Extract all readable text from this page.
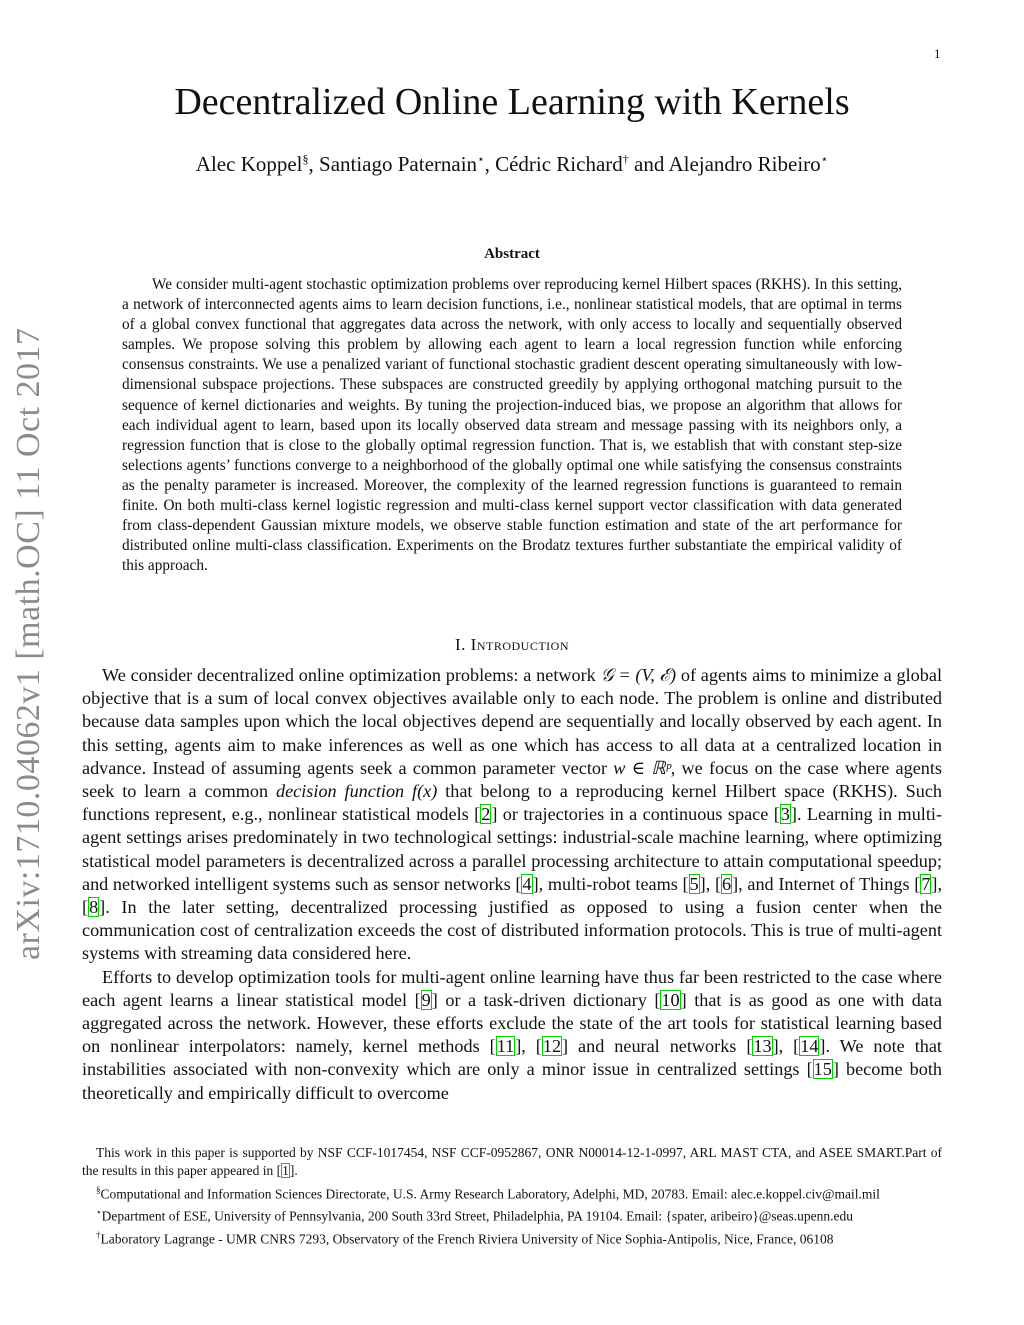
1
arXiv:1710.04062v1 [math.OC] 11 Oct 2017
Decentralized Online Learning with Kernels
Alec Koppel§, Santiago Paternain⋆, Cédric Richard† and Alejandro Ribeiro⋆
Abstract

We consider multi-agent stochastic optimization problems over reproducing kernel Hilbert spaces (RKHS). In this setting, a network of interconnected agents aims to learn decision functions, i.e., nonlinear statistical models, that are optimal in terms of a global convex functional that aggregates data across the network, with only access to locally and sequentially observed samples. We propose solving this problem by allowing each agent to learn a local regression function while enforcing consensus constraints. We use a penalized variant of functional stochastic gradient descent operating simultaneously with low-dimensional subspace projections. These subspaces are constructed greedily by applying orthogonal matching pursuit to the sequence of kernel dictionaries and weights. By tuning the projection-induced bias, we propose an algorithm that allows for each individual agent to learn, based upon its locally observed data stream and message passing with its neighbors only, a regression function that is close to the globally optimal regression function. That is, we establish that with constant step-size selections agents’ functions converge to a neighborhood of the globally optimal one while satisfying the consensus constraints as the penalty parameter is increased. Moreover, the complexity of the learned regression functions is guaranteed to remain finite. On both multi-class kernel logistic regression and multi-class kernel support vector classification with data generated from class-dependent Gaussian mixture models, we observe stable function estimation and state of the art performance for distributed online multi-class classification. Experiments on the Brodatz textures further substantiate the empirical validity of this approach.

I. Introduction

We consider decentralized online optimization problems: a network 𝒢 = (V, ℰ) of agents aims to minimize a global objective that is a sum of local convex objectives available only to each node. The problem is online and distributed because data samples upon which the local objectives depend are sequentially and locally observed by each agent. In this setting, agents aim to make inferences as well as one which has access to all data at a centralized location in advance. Instead of assuming agents seek a common parameter vector w ∈ ℝᵖ, we focus on the case where agents seek to learn a common decision function f(x) that belong to a reproducing kernel Hilbert space (RKHS). Such functions represent, e.g., nonlinear statistical models [2] or trajectories in a continuous space [3]. Learning in multi-agent settings arises predominately in two technological settings: industrial-scale machine learning, where optimizing statistical model parameters is decentralized across a parallel processing architecture to attain computational speedup; and networked intelligent systems such as sensor networks [4], multi-robot teams [5], [6], and Internet of Things [7], [8]. In the later setting, decentralized processing justified as opposed to using a fusion center when the communication cost of centralization exceeds the cost of distributed information protocols. This is true of multi-agent systems with streaming data considered here.

Efforts to develop optimization tools for multi-agent online learning have thus far been restricted to the case where each agent learns a linear statistical model [9] or a task-driven dictionary [10] that is as good as one with data aggregated across the network. However, these efforts exclude the state of the art tools for statistical learning based on nonlinear interpolators: namely, kernel methods [11], [12] and neural networks [13], [14]. We note that instabilities associated with non-convexity which are only a minor issue in centralized settings [15] become both theoretically and empirically difficult to overcome

This work in this paper is supported by NSF CCF-1017454, NSF CCF-0952867, ONR N00014-12-1-0997, ARL MAST CTA, and ASEE SMART.Part of the results in this paper appeared in [1].

§Computational and Information Sciences Directorate, U.S. Army Research Laboratory, Adelphi, MD, 20783. Email: alec.e.koppel.civ@mail.mil

⋆Department of ESE, University of Pennsylvania, 200 South 33rd Street, Philadelphia, PA 19104. Email: {spater, aribeiro}@seas.upenn.edu

†Laboratory Lagrange - UMR CNRS 7293, Observatory of the French Riviera University of Nice Sophia-Antipolis, Nice, France, 06108
